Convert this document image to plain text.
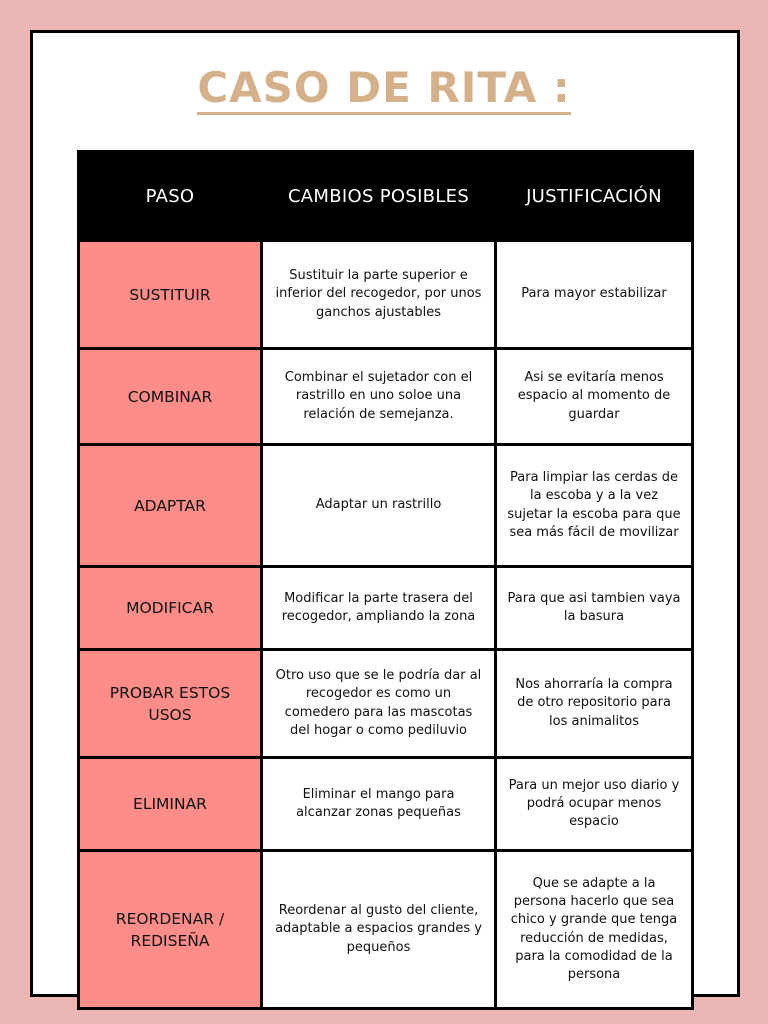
CASO DE RITA :
PASO	CAMBIOS POSIBLES	JUSTIFICACIÓN
SUSTITUIR	Sustituir la parte superior e inferior del recogedor, por unos ganchos ajustables	Para mayor estabilizar
COMBINAR	Combinar el sujetador con el rastrillo en uno soloe una relación de semejanza.	Asi se evitaría menos espacio al momento de guardar
ADAPTAR	Adaptar un rastrillo	Para limpiar las cerdas de la escoba y a la vez sujetar la escoba para que sea más fácil de movilizar
MODIFICAR	Modificar la parte trasera del recogedor, ampliando la zona	Para que asi tambien vaya la basura
PROBAR ESTOS USOS	Otro uso que se le podría dar al recogedor es como un comedero para las mascotas del hogar o como pediluvio	Nos ahorraría la compra de otro repositorio para los animalitos
ELIMINAR	Eliminar el mango para alcanzar zonas pequeñas	Para un mejor uso diario y podrá ocupar menos espacio
REORDENAR / REDISEÑA	Reordenar al gusto del cliente, adaptable a espacios grandes y pequeños	Que se adapte a la persona hacerlo que sea chico y grande que tenga reducción de medidas, para la comodidad de la persona
